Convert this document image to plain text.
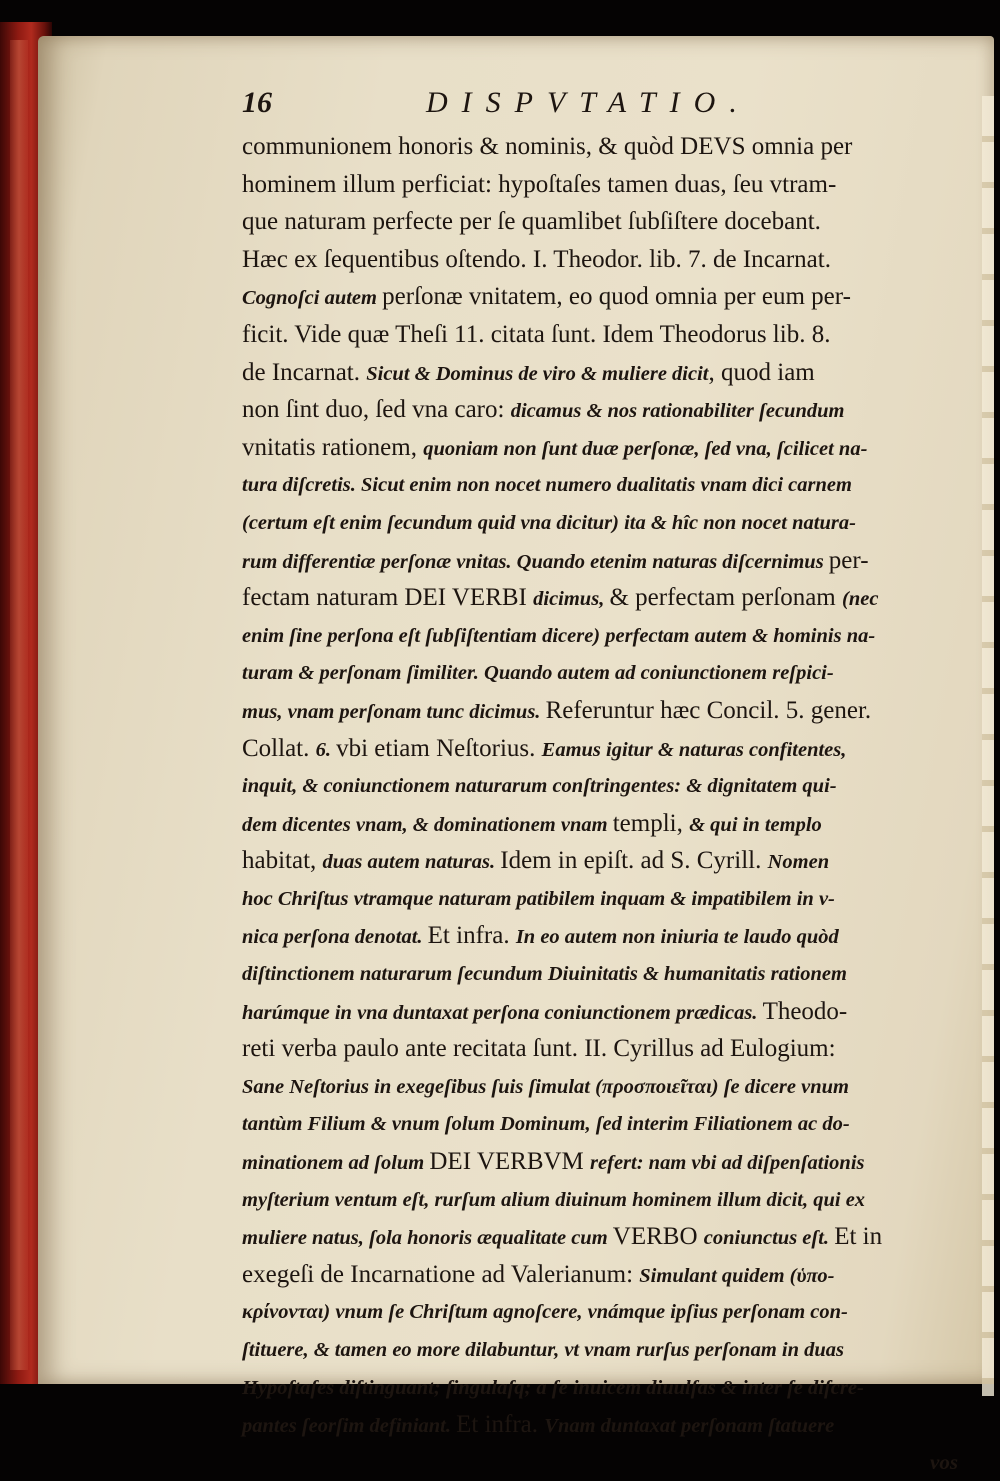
16	DISPVTATIO.
communionem honoris & nominis, & quòd DEVS omnia per
hominem illum perficiat: hypoſtaſes tamen duas, ſeu vtram-
que naturam perfecte per ſe quamlibet ſubſiſtere docebant.
Hæc ex ſequentibus oſtendo. I. Theodor. lib. 7. de Incarnat.
Cognoſci autem perſonæ vnitatem, eo quod omnia per eum per-
ficit. Vide quæ Theſi 11. citata ſunt. Idem Theodorus lib. 8.
de Incarnat. Sicut & Dominus de viro & muliere dicit, quod iam
non ſint duo, ſed vna caro: dicamus & nos rationabiliter ſecundum
vnitatis rationem, quoniam non ſunt duæ perſonæ, ſed vna, ſcilicet na-
tura diſcretis. Sicut enim non nocet numero dualitatis vnam dici carnem
(certum eſt enim ſecundum quid vna dicitur) ita & hîc non nocet natura-
rum differentiæ perſonæ vnitas. Quando etenim naturas diſcernimus per-
fectam naturam DEI VERBI dicimus, & perfectam perſonam (nec
enim ſine perſona eſt ſubſiſtentiam dicere) perfectam autem & hominis na-
turam & perſonam ſimiliter. Quando autem ad coniunctionem reſpici-
mus, vnam perſonam tunc dicimus. Referuntur hæc Concil. 5. gener.
Collat. 6. vbi etiam Neſtorius. Eamus igitur & naturas confitentes,
inquit, & coniunctionem naturarum conſtringentes: & dignitatem qui-
dem dicentes vnam, & dominationem vnam templi, & qui in templo
habitat, duas autem naturas. Idem in epiſt. ad S. Cyrill. Nomen
hoc Chriſtus vtramque naturam patibilem inquam & impatibilem in v-
nica perſona denotat. Et infra. In eo autem non iniuria te laudo quòd
diſtinctionem naturarum ſecundum Diuinitatis & humanitatis rationem
harúmque in vna duntaxat perſona coniunctionem prædicas. Theodo-
reti verba paulo ante recitata ſunt. II. Cyrillus ad Eulogium:
Sane Neſtorius in exegeſibus ſuis ſimulat (προσποιεῖται) ſe dicere vnum
tantùm Filium & vnum ſolum Dominum, ſed interim Filiationem ac do-
minationem ad ſolum DEI VERBVM refert: nam vbi ad diſpenſationis
myſterium ventum eſt, rurſum alium diuinum hominem illum dicit, qui ex
muliere natus, ſola honoris æqualitate cum VERBO coniunctus eſt. Et in
exegeſi de Incarnatione ad Valerianum: Simulant quidem (ὑπο-
κρίνονται) vnum ſe Chriſtum agnoſcere, vnámque ipſius perſonam con-
ſtituere, & tamen eo more dilabuntur, vt vnam rurſus perſonam in duas
Hypoſtaſes diſtinguant; ſingulaſq; a ſe inuicem diuulſas & inter ſe diſcre-
pantes ſeorſim definiant. Et infra. Vnam duntaxat perſonam ſtatuere
vos
